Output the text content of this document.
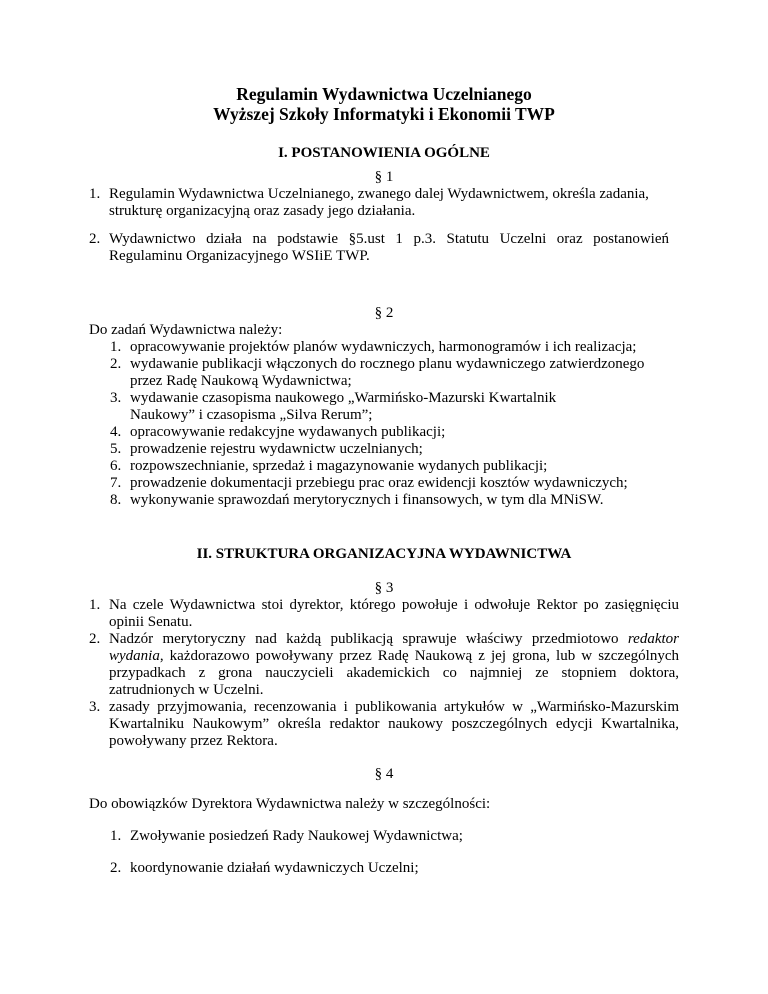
Regulamin Wydawnictwa Uczelnianego
Wyższej Szkoły Informatyki i Ekonomii TWP
I. POSTANOWIENIA OGÓLNE
§ 1
1. Regulamin Wydawnictwa Uczelnianego, zwanego dalej Wydawnictwem, określa zadania, strukturę organizacyjną oraz zasady jego działania.
2. Wydawnictwo działa na podstawie §5.ust 1 p.3. Statutu Uczelni oraz postanowień Regulaminu Organizacyjnego WSIiE TWP.
§ 2
Do zadań Wydawnictwa należy:
1. opracowywanie projektów planów wydawniczych, harmonogramów i ich realizacja;
2. wydawanie publikacji włączonych do rocznego planu wydawniczego zatwierdzonego przez Radę Naukową Wydawnictwa;
3. wydawanie czasopisma naukowego „Warmińsko-Mazurski Kwartalnik Naukowy” i czasopisma „Silva Rerum”;
4. opracowywanie redakcyjne wydawanych publikacji;
5. prowadzenie rejestru wydawnictw uczelnianych;
6. rozpowszechnianie, sprzedaż i magazynowanie wydanych publikacji;
7. prowadzenie dokumentacji przebiegu prac oraz ewidencji kosztów wydawniczych;
8. wykonywanie sprawozdań merytorycznych i finansowych, w tym dla MNiSW.
II. STRUKTURA ORGANIZACYJNA WYDAWNICTWA
§ 3
1. Na czele Wydawnictwa stoi dyrektor, którego powołuje i odwołuje Rektor po zasięgnięciu opinii Senatu.
2. Nadzór merytoryczny nad każdą publikacją sprawuje właściwy przedmiotowo redaktor wydania, każdorazowo powoływany przez Radę Naukową z jej grona, lub w szczególnych przypadkach z grona nauczycieli akademickich co najmniej ze stopniem doktora, zatrudnionych w Uczelni.
3. zasady przyjmowania, recenzowania i publikowania artykułów w „Warmińsko-Mazurskim Kwartalniku Naukowym” określa redaktor naukowy poszczególnych edycji Kwartalnika, powoływany przez Rektora.
§ 4
Do obowiązków Dyrektora Wydawnictwa należy w szczególności:
1. Zwoływanie posiedzeń Rady Naukowej Wydawnictwa;
2. koordynowanie działań wydawniczych Uczelni;
